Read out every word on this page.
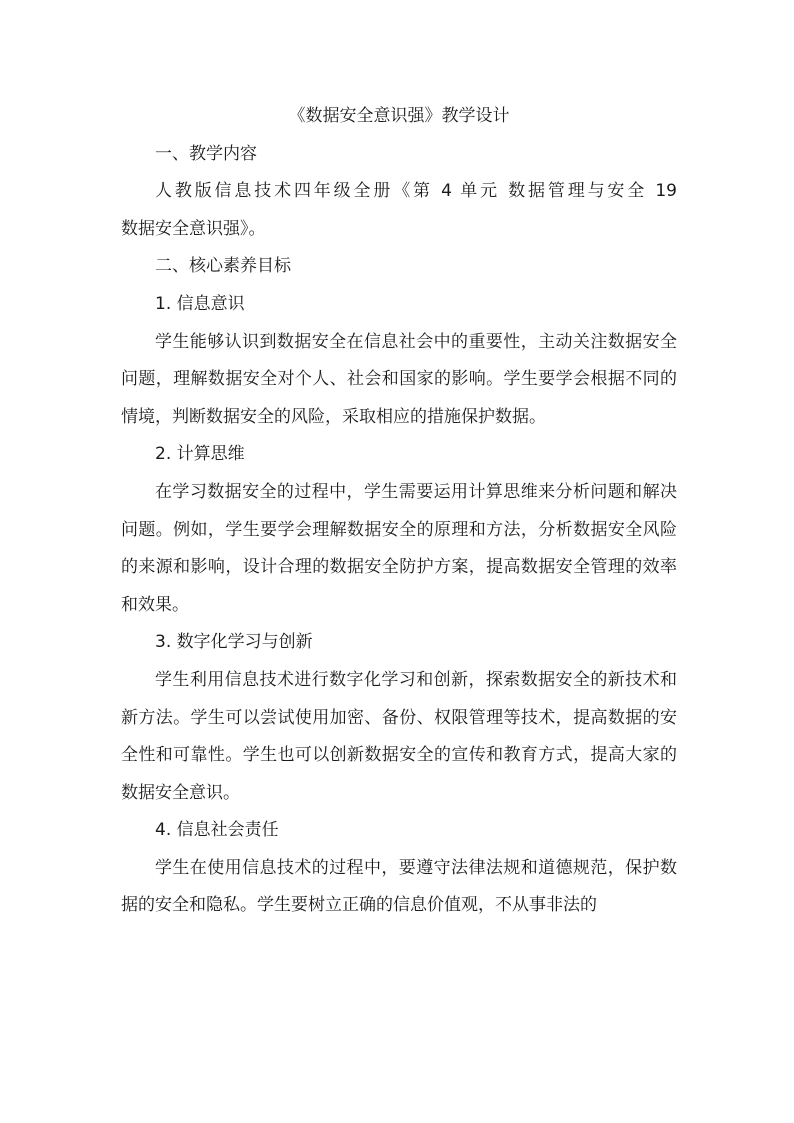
《数据安全意识强》教学设计

一、教学内容

人教版信息技术四年级全册《第 4 单元 数据管理与安全 19

数据安全意识强》。

二、核心素养目标

1. 信息意识

学生能够认识到数据安全在信息社会中的重要性，主动关注数据安全问题，理解数据安全对个人、社会和国家的影响。学生要学会根据不同的情境，判断数据安全的风险，采取相应的措施保护数据。

2. 计算思维

在学习数据安全的过程中，学生需要运用计算思维来分析问题和解决问题。例如，学生要学会理解数据安全的原理和方法，分析数据安全风险的来源和影响，设计合理的数据安全防护方案，提高数据安全管理的效率和效果。

3. 数字化学习与创新

学生利用信息技术进行数字化学习和创新，探索数据安全的新技术和新方法。学生可以尝试使用加密、备份、权限管理等技术，提高数据的安全性和可靠性。学生也可以创新数据安全的宣传和教育方式，提高大家的数据安全意识。

4. 信息社会责任

学生在使用信息技术的过程中，要遵守法律法规和道德规范，保护数据的安全和隐私。学生要树立正确的信息价值观，不从事非法的
